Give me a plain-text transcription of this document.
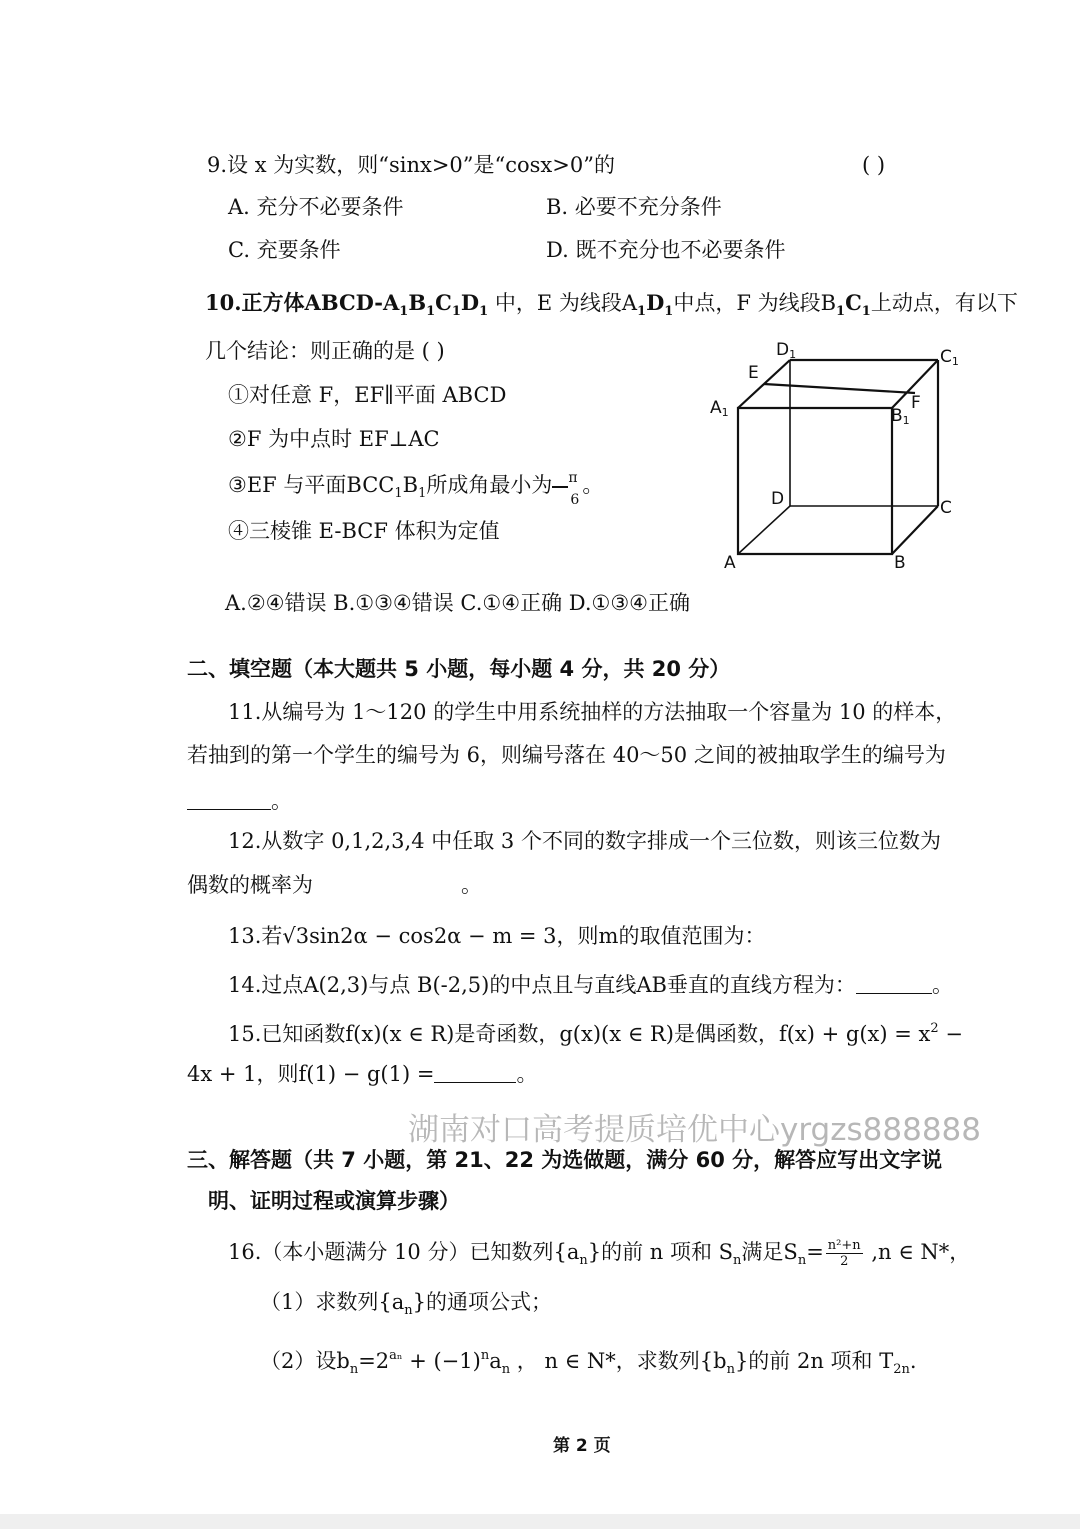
9.设 x 为实数，则“sinx>0”是“cosx>0”的	( )
A. 充分不必要条件	B. 必要不充分条件
C. 充要条件	D. 既不充分也不必要条件
10.正方体ABCD-$A_1B_1C_1D_1$ 中，E 为线段$A_1D_1$中点，F 为线段$B_1C_1$上动点，有以下
几个结论：则正确的是 ( )
①对任意 F，EF∥平面 ABCD
②F 为中点时 EF⊥AC
③EF 与平面$BCC_1B_1$所成角最小为 π
6
。
④三棱锥 E-BCF 体积为定值
A.②④错误 B.①③④错误 C.①④正确 D.①③④正确
D1	C1
E
A1	B1
F
D	C
A	B
二、填空题（本大题共 5 小题，每小题 4 分，共 20 分）
11.从编号为 1～120 的学生中用系统抽样的方法抽取一个容量为 10 的样本，
若抽到的第一个学生的编号为 6，则编号落在 40～50 之间的被抽取学生的编号为
。
12.从数字 0,1,2,3,4 中任取 3 个不同的数字排成一个三位数，则该三位数为
偶数的概率为	。
13.若√3sin2α − cos2α − m = 3，则m的取值范围为：
14.过点A(2,3)与点 B(-2,5)的中点且与直线AB垂直的直线方程为：	。
15.已知函数f(x)(x ∈ R)是奇函数，g(x)(x ∈ R)是偶函数，$f(x) + g(x) = x^2$ −
4x + 1，则f(1) − g(1) =	。
湖南对口高考提质培优中心yrgzs888888
三、解答题（共 7 小题，第 21、22 为选做题，满分 60 分，解答应写出文字说
明、证明过程或演算步骤）
16.（本小题满分 10 分）已知数列$\{a_n\}$的前 n 项和 $S_n$满足$S_n= \frac{\text{n²+n}}{2} ,n$ ∈ N*，
（1）求数列$\{a_n\}$的通项公式；
（2）设$b_n=2^{a_n} + (-1)^na_n$ ， n ∈ N*，求数列$\{b_n\}$的前 2n 项和 $T_{2n}$.
第 2 页
